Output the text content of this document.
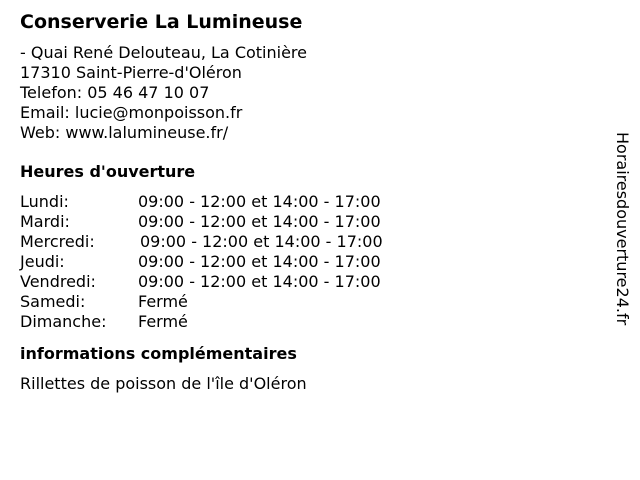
Conserverie La Lumineuse
- Quai René Delouteau, La Cotinière
17310 Saint-Pierre-d'Oléron
Telefon: 05 46 47 10 07
Email: lucie@monpoisson.fr
Web: www.lalumineuse.fr/
Heures d'ouverture
Lundi:	09:00 - 12:00 et 14:00 - 17:00
Mardi:	09:00 - 12:00 et 14:00 - 17:00
Mercredi:	09:00 - 12:00 et 14:00 - 17:00
Jeudi:	09:00 - 12:00 et 14:00 - 17:00
Vendredi:	09:00 - 12:00 et 14:00 - 17:00
Samedi:	Fermé
Dimanche:	Fermé
informations complémentaires
Rillettes de poisson de l'île d'Oléron
Horairesdouverture24.fr
